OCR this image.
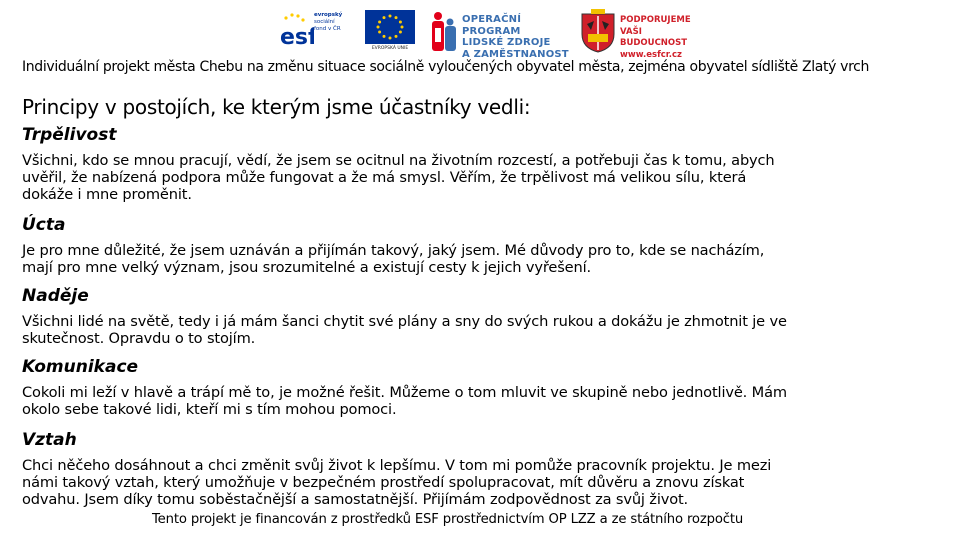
esf
evropský
sociální
fond v ČR
EVROPSKÁ UNIE
OPERAČNÍ PROGRAM
LIDSKÉ ZDROJE
A ZAMĚSTNANOST
PODPORUJEME
VAŠI BUDOUCNOST
www.esfcr.cz
Individuální projekt města Chebu na změnu situace sociálně vyloučených obyvatel města, zejména obyvatel sídliště Zlatý vrch
Principy v postojích, ke kterým jsme účastníky vedli:
Trpělivost
Všichni, kdo se mnou pracují, vědí, že jsem se ocitnul na životním rozcestí, a potřebuji čas k tomu, abych
uvěřil, že nabízená podpora může fungovat a že má smysl. Věřím, že trpělivost má velikou sílu, která
dokáže i mne proměnit.
Úcta
Je pro mne důležité, že jsem uznáván a přijímán takový, jaký jsem. Mé důvody pro to, kde se nacházím,
mají pro mne velký význam, jsou srozumitelné a existují cesty k jejich vyřešení.
Naděje
Všichni lidé na světě, tedy i já mám šanci chytit své plány a sny do svých rukou a dokážu je zhmotnit je ve
skutečnost. Opravdu o to stojím.
Komunikace
Cokoli mi leží v hlavě a trápí mě to, je možné řešit. Můžeme o tom mluvit ve skupině nebo jednotlivě. Mám
okolo sebe takové lidi, kteří mi s tím mohou pomoci.
Vztah
Chci něčeho dosáhnout a chci změnit svůj život k lepšímu. V tom mi pomůže pracovník projektu. Je mezi
námi takový vztah, který umožňuje v bezpečném prostředí spolupracovat, mít důvěru a znovu získat
odvahu. Jsem díky tomu soběstačnější a samostatnější. Přijímám zodpovědnost za svůj život.
Tento projekt je financován z prostředků ESF prostřednictvím OP LZZ a ze státního rozpočtu
